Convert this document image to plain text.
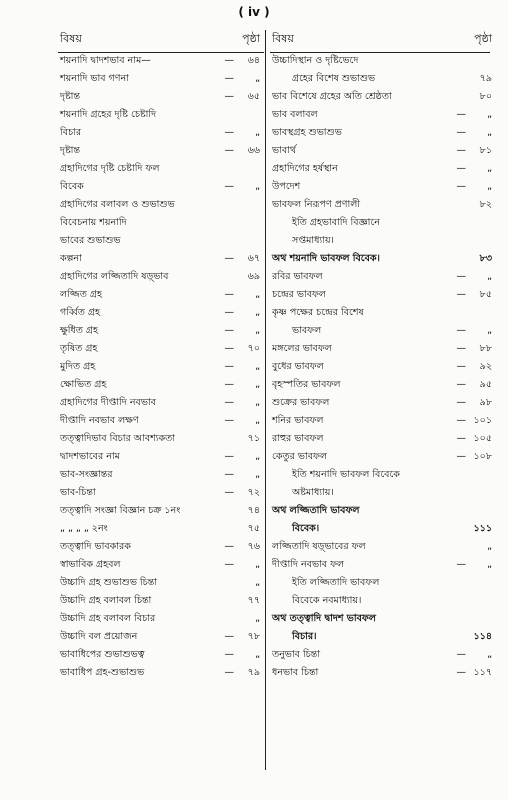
( iv )
বিষয়	পৃষ্ঠা
শয়নাদি দ্বাদশভাব নাম—	—	৬৪
শয়নাদি ভাব গণনা	—	„
দৃষ্টান্ত	—	৬৫
শয়নাদি গ্রহের দৃষ্টি চেষ্টাদি
বিচার	—	„
দৃষ্টান্ত	—	৬৬
গ্রহাদিগের দৃষ্টি চেষ্টাদি ফল
বিবেক	—	„
গ্রহাদিগের বলাবল ও শুভাশুভ
বিবেচনায় শয়নাদি
ভাবের শুভাশুভ
কল্পনা	—	৬৭
গ্রহাদিগের লজ্জিতাদি ষড়্‌ভাব	৬৯
লজ্জিত গ্রহ	—	„
গর্ব্বিত গ্রহ	—	„
ক্ষুধিত গ্রহ	—	„
তৃষিত গ্রহ	—	৭০
মুদিত গ্রহ	—	„
ক্ষোভিত গ্রহ	—	„
গ্রহাদিগের দীপ্তাদি নবভাব	—	„
দীপ্তাদি নবভাব লক্ষণ	—	„
তত্ত্বাদিভাব বিচার আবশ্যকতা	৭১
দ্বাদশভাবের নাম	—	„
ভাব-সংজ্ঞান্তর	—	„
ভাব-চিন্তা	—	৭২
তত্ত্বাদি সংজ্ঞা বিজ্ঞান চক্র ১নং	৭৪
„ „ „ „ ২নং	৭৫
তত্ত্বাদি ভাবকারক	—	৭৬
স্বাভাবিক গ্রহবল	—	„
উচ্চাদি গ্রহ শুভাশুভ চিন্তা	„
উচ্চাদি গ্রহ বলাবল চিন্তা	৭৭
উচ্চাদি গ্রহ বলাবল বিচার	„
উচ্চাদি বল প্রয়োজন	—	৭৮
ভাবাধিপের শুভাশুভত্ব	—	„
ভাবাধিপ গ্রহ-শুভাশুভ	—	৭৯
বিষয়	পৃষ্ঠা
উচ্চাদিস্থান ও দৃষ্টিভেদে
গ্রহের বিশেষ শুভাশুভ	৭৯
ভাব বিশেষে গ্রহের অতি শ্রেষ্ঠতা	৮০
ভাব বলাবল	—	„
ভাবস্থগ্রহ শুভাশুভ	—	„
ভাবার্থ	—	৮১
গ্রহাদিগের হর্ষস্থান	—	„
উপদেশ	—	„
ভাবফল নিরূপণ প্রণালী	৮২
ইতি গ্রহভাবাদি বিজ্ঞানে
সপ্তমাধ্যায়।
অথ শয়নাদি ভাবফল বিবেক।	৮৩
রবির ভাবফল	—	„
চন্দ্রের ভাবফল	—	৮৫
কৃষ্ণ পক্ষের চন্দ্রের বিশেষ
ভাবফল	—	„
মঙ্গলের ভাবফল	—	৮৮
বুধের ভাবফল	—	৯২
বৃহস্পতির ভাবফল	—	৯৫
শুক্রের ভাবফল	—	৯৮
শনির ভাবফল	— ১০১
রাহুর ভাবফল	— ১০৫
কেতুর ভাবফল	— ১০৮
ইতি শয়নাদি ভাবফল বিবেকে
অষ্টমাধ্যায়।
অথ লজ্জিতাদি ভাবফল
বিবেক।	১১১
লজ্জিতাদি ষড়্‌ভাবের ফল	„
দীপ্তাদি নবভাব ফল	—	„
ইতি লজ্জিতাদি ভাবফল
বিবেকে নবমাধ্যায়।
অথ তত্ত্বাদি দ্বাদশ ভাবফল
বিচার।	১১৪
তনুভাব চিন্তা	—	„
ধনভাব চিন্তা	— ১১৭
